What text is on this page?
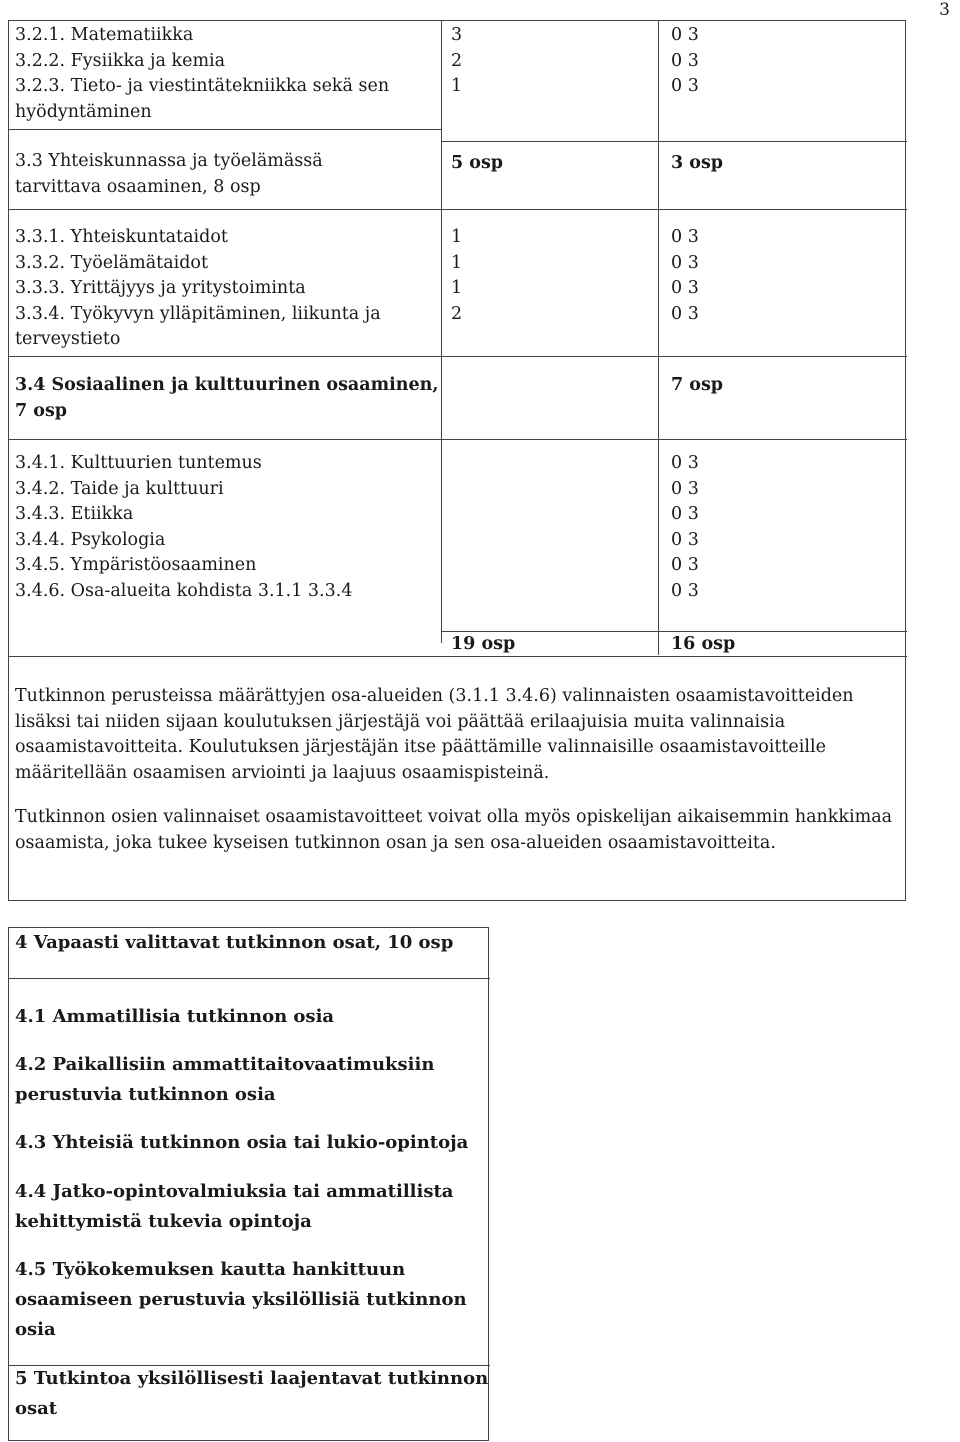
3
3.2.1. Matematiikka
3.2.2. Fysiikka ja kemia
3.2.3. Tieto- ja viestintätekniikka sekä sen
hyödyntäminen
3
2
1
0 3
0 3
0 3
3.3 Yhteiskunnassa ja työelämässä
tarvittava osaaminen, 8 osp
5 osp	3 osp
3.3.1. Yhteiskuntataidot
3.3.2. Työelämätaidot
3.3.3. Yrittäjyys ja yritystoiminta
3.3.4. Työkyvyn ylläpitäminen, liikunta ja
terveystieto
1
1
1
2
0 3
0 3
0 3
0 3
3.4 Sosiaalinen ja kulttuurinen osaaminen,
7 osp
7 osp
3.4.1. Kulttuurien tuntemus
3.4.2. Taide ja kulttuuri
3.4.3. Etiikka
3.4.4. Psykologia
3.4.5. Ympäristöosaaminen
3.4.6. Osa-alueita kohdista 3.1.1 3.3.4
0 3
0 3
0 3
0 3
0 3
0 3
19 osp	16 osp
Tutkinnon perusteissa määrättyjen osa-alueiden (3.1.1 3.4.6) valinnaisten osaamistavoitteiden
lisäksi tai niiden sijaan koulutuksen järjestäjä voi päättää erilaajuisia muita valinnaisia
osaamistavoitteita. Koulutuksen järjestäjän itse päättämille valinnaisille osaamistavoitteille
määritellään osaamisen arviointi ja laajuus osaamispisteinä.
Tutkinnon osien valinnaiset osaamistavoitteet voivat olla myös opiskelijan aikaisemmin hankkimaa
osaamista, joka tukee kyseisen tutkinnon osan ja sen osa-alueiden osaamistavoitteita.
4 Vapaasti valittavat tutkinnon osat, 10 osp
4.1 Ammatillisia tutkinnon osia
4.2 Paikallisiin ammattitaitovaatimuksiin
perustuvia tutkinnon osia
4.3 Yhteisiä tutkinnon osia tai lukio-opintoja
4.4 Jatko-opintovalmiuksia tai ammatillista
kehittymistä tukevia opintoja
4.5 Työkokemuksen kautta hankittuun
osaamiseen perustuvia yksilöllisiä tutkinnon
osia
5 Tutkintoa yksilöllisesti laajentavat tutkinnon
osat
